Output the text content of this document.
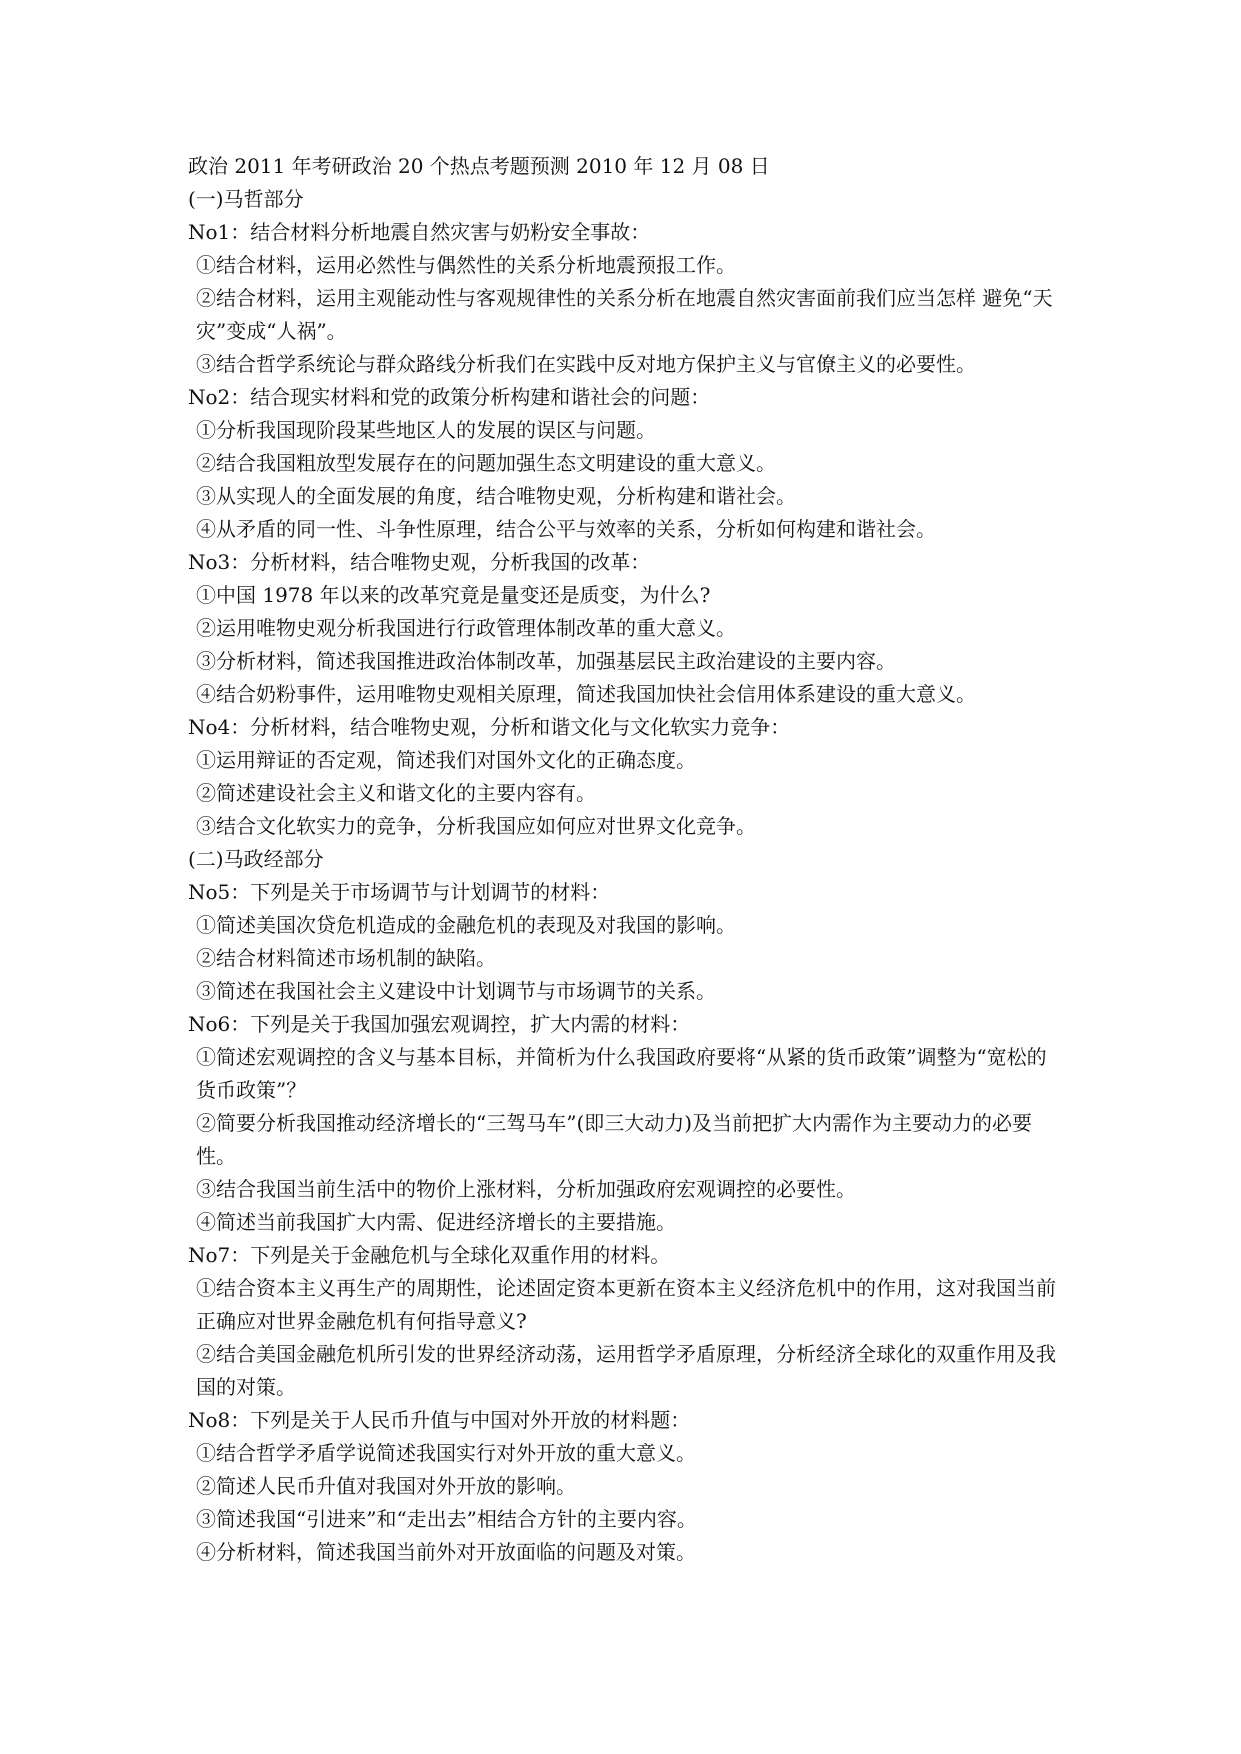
政治 2011 年考研政治 20 个热点考题预测 2010 年 12 月 08 日
(一)马哲部分
No1：结合材料分析地震自然灾害与奶粉安全事故：
①结合材料，运用必然性与偶然性的关系分析地震预报工作。
②结合材料，运用主观能动性与客观规律性的关系分析在地震自然灾害面前我们应当怎样 避免“天灾”变成“人祸”。
③结合哲学系统论与群众路线分析我们在实践中反对地方保护主义与官僚主义的必要性。
No2：结合现实材料和党的政策分析构建和谐社会的问题：
①分析我国现阶段某些地区人的发展的误区与问题。
②结合我国粗放型发展存在的问题加强生态文明建设的重大意义。
③从实现人的全面发展的角度，结合唯物史观，分析构建和谐社会。
④从矛盾的同一性、斗争性原理，结合公平与效率的关系，分析如何构建和谐社会。
No3：分析材料，结合唯物史观，分析我国的改革：
①中国 1978 年以来的改革究竟是量变还是质变，为什么?
②运用唯物史观分析我国进行行政管理体制改革的重大意义。
③分析材料，简述我国推进政治体制改革，加强基层民主政治建设的主要内容。
④结合奶粉事件，运用唯物史观相关原理，简述我国加快社会信用体系建设的重大意义。
No4：分析材料，结合唯物史观，分析和谐文化与文化软实力竞争：
①运用辩证的否定观，简述我们对国外文化的正确态度。
②简述建设社会主义和谐文化的主要内容有。
③结合文化软实力的竞争，分析我国应如何应对世界文化竞争。
(二)马政经部分
No5：下列是关于市场调节与计划调节的材料：
①简述美国次贷危机造成的金融危机的表现及对我国的影响。
②结合材料简述市场机制的缺陷。
③简述在我国社会主义建设中计划调节与市场调节的关系。
No6：下列是关于我国加强宏观调控，扩大内需的材料：
①简述宏观调控的含义与基本目标，并简析为什么我国政府要将“从紧的货币政策”调整为“宽松的货币政策”？
②简要分析我国推动经济增长的“三驾马车”(即三大动力)及当前把扩大内需作为主要动力的必要性。
③结合我国当前生活中的物价上涨材料，分析加强政府宏观调控的必要性。
④简述当前我国扩大内需、促进经济增长的主要措施。
No7：下列是关于金融危机与全球化双重作用的材料。
①结合资本主义再生产的周期性，论述固定资本更新在资本主义经济危机中的作用，这对我国当前正确应对世界金融危机有何指导意义?
②结合美国金融危机所引发的世界经济动荡，运用哲学矛盾原理，分析经济全球化的双重作用及我国的对策。
No8：下列是关于人民币升值与中国对外开放的材料题：
①结合哲学矛盾学说简述我国实行对外开放的重大意义。
②简述人民币升值对我国对外开放的影响。
③简述我国“引进来”和“走出去”相结合方针的主要内容。
④分析材料，简述我国当前外对开放面临的问题及对策。
